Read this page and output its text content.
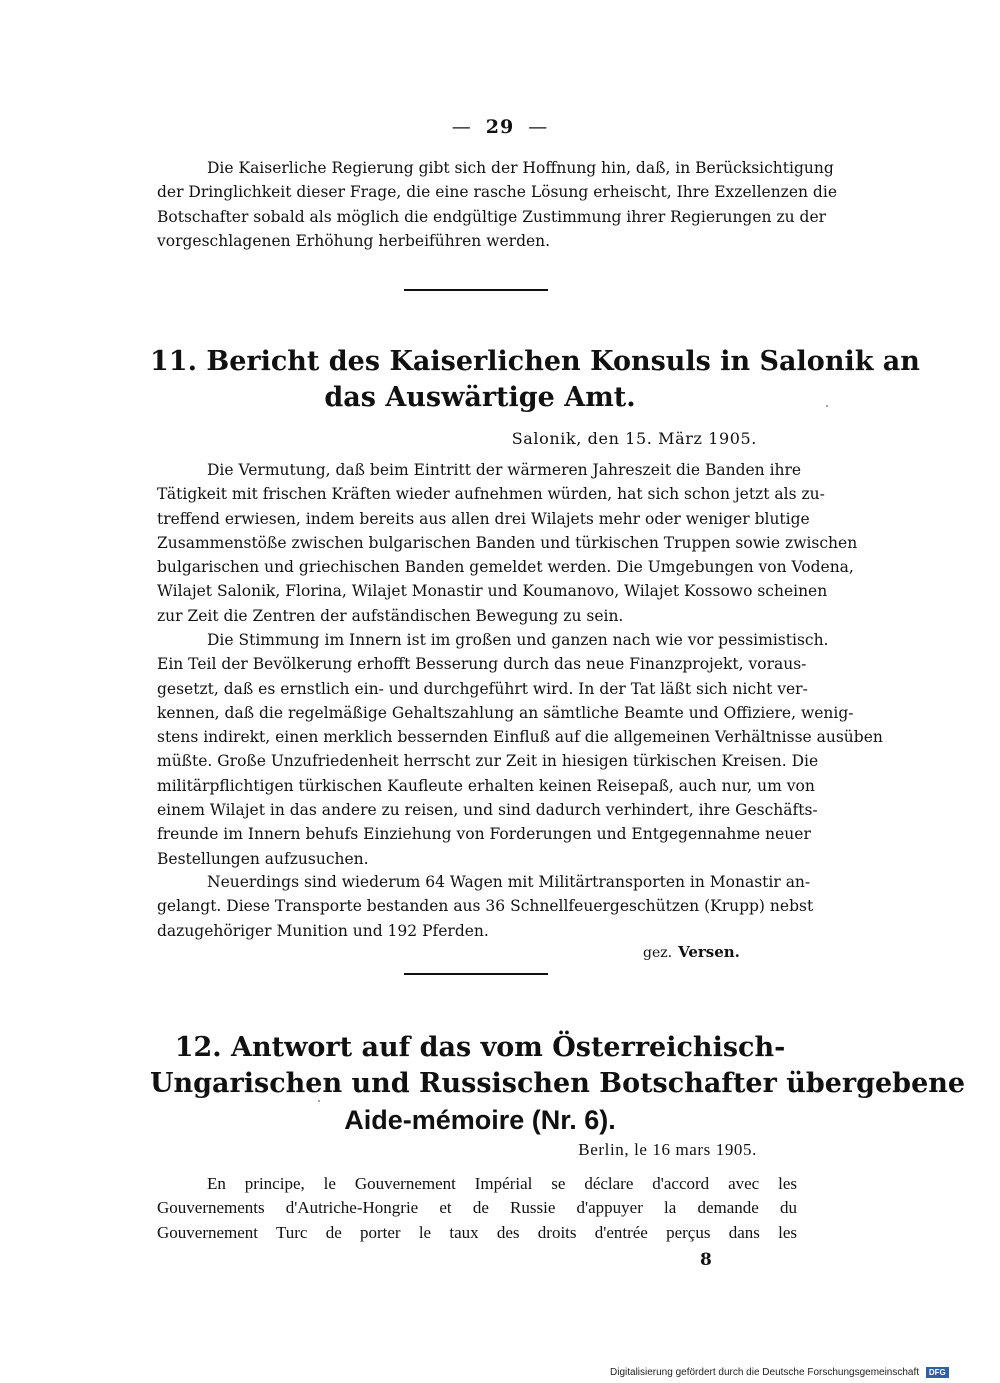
— 29 —
Die Kaiserliche Regierung gibt sich der Hoffnung hin, daß, in Berücksichtigung
der Dringlichkeit dieser Frage, die eine rasche Lösung erheischt, Ihre Exzellenzen die
Botschafter sobald als möglich die endgültige Zustimmung ihrer Regierungen zu der
vorgeschlagenen Erhöhung herbeiführen werden.
11. Bericht des Kaiserlichen Konsuls in Salonik an
das Auswärtige Amt.
Salonik, den 15. März 1905.
Die Vermutung, daß beim Eintritt der wärmeren Jahreszeit die Banden ihre
Tätigkeit mit frischen Kräften wieder aufnehmen würden, hat sich schon jetzt als zu-
treffend erwiesen, indem bereits aus allen drei Wilajets mehr oder weniger blutige
Zusammenstöße zwischen bulgarischen Banden und türkischen Truppen sowie zwischen
bulgarischen und griechischen Banden gemeldet werden. Die Umgebungen von Vodena,
Wilajet Salonik, Florina, Wilajet Monastir und Koumanovo, Wilajet Kossowo scheinen
zur Zeit die Zentren der aufständischen Bewegung zu sein.
Die Stimmung im Innern ist im großen und ganzen nach wie vor pessimistisch.
Ein Teil der Bevölkerung erhofft Besserung durch das neue Finanzprojekt, voraus-
gesetzt, daß es ernstlich ein- und durchgeführt wird. In der Tat läßt sich nicht ver-
kennen, daß die regelmäßige Gehaltszahlung an sämtliche Beamte und Offiziere, wenig-
stens indirekt, einen merklich bessernden Einfluß auf die allgemeinen Verhältnisse ausüben
müßte. Große Unzufriedenheit herrscht zur Zeit in hiesigen türkischen Kreisen. Die
militärpflichtigen türkischen Kaufleute erhalten keinen Reisepaß, auch nur, um von
einem Wilajet in das andere zu reisen, und sind dadurch verhindert, ihre Geschäfts-
freunde im Innern behufs Einziehung von Forderungen und Entgegennahme neuer
Bestellungen aufzusuchen.
Neuerdings sind wiederum 64 Wagen mit Militärtransporten in Monastir an-
gelangt. Diese Transporte bestanden aus 36 Schnellfeuergeschützen (Krupp) nebst
dazugehöriger Munition und 192 Pferden.
gez. Versen.
12. Antwort auf das vom Österreichisch-
Ungarischen und Russischen Botschafter übergebene
Aide-mémoire (Nr. 6).
Berlin, le 16 mars 1905.
En principe, le Gouvernement Impérial se déclare d'accord avec les
Gouvernements d'Autriche-Hongrie et de Russie d'appuyer la demande du
Gouvernement Turc de porter le taux des droits d'entrée perçus dans les
8
Digitalisierung gefördert durch die Deutsche Forschungsgemeinschaft DFG
